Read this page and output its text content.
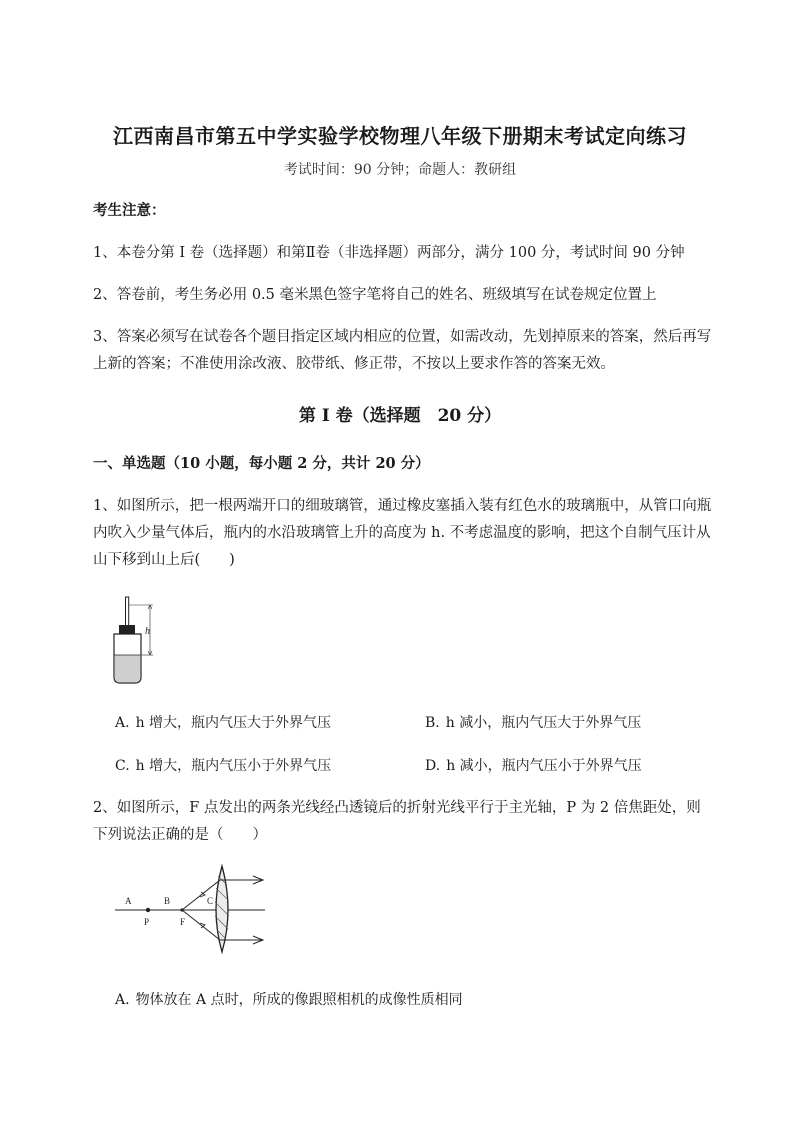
江西南昌市第五中学实验学校物理八年级下册期末考试定向练习
考试时间：90 分钟；命题人：教研组
考生注意：
1、本卷分第 I 卷（选择题）和第Ⅱ卷（非选择题）两部分，满分 100 分，考试时间 90 分钟
2、答卷前，考生务必用 0.5 毫米黑色签字笔将自己的姓名、班级填写在试卷规定位置上
3、答案必须写在试卷各个题目指定区域内相应的位置，如需改动，先划掉原来的答案，然后再写上新的答案；不准使用涂改液、胶带纸、修正带，不按以上要求作答的答案无效。
第 I 卷（选择题　20 分）
一、单选题（10 小题，每小题 2 分，共计 20 分）
1、如图所示，把一根两端开口的细玻璃管，通过橡皮塞插入装有红色水的玻璃瓶中，从管口向瓶内吹入少量气体后，瓶内的水沿玻璃管上升的高度为 h. 不考虑温度的影响，把这个自制气压计从山下移到山上后(　　)
h
A. h 增大，瓶内气压大于外界气压	B. h 减小，瓶内气压大于外界气压
C. h 增大，瓶内气压小于外界气压	D. h 减小，瓶内气压小于外界气压
2、如图所示，F 点发出的两条光线经凸透镜后的折射光线平行于主光轴，P 为 2 倍焦距处，则下列说法正确的是（　　）
A	B	C
P	F
A. 物体放在 A 点时，所成的像跟照相机的成像性质相同
